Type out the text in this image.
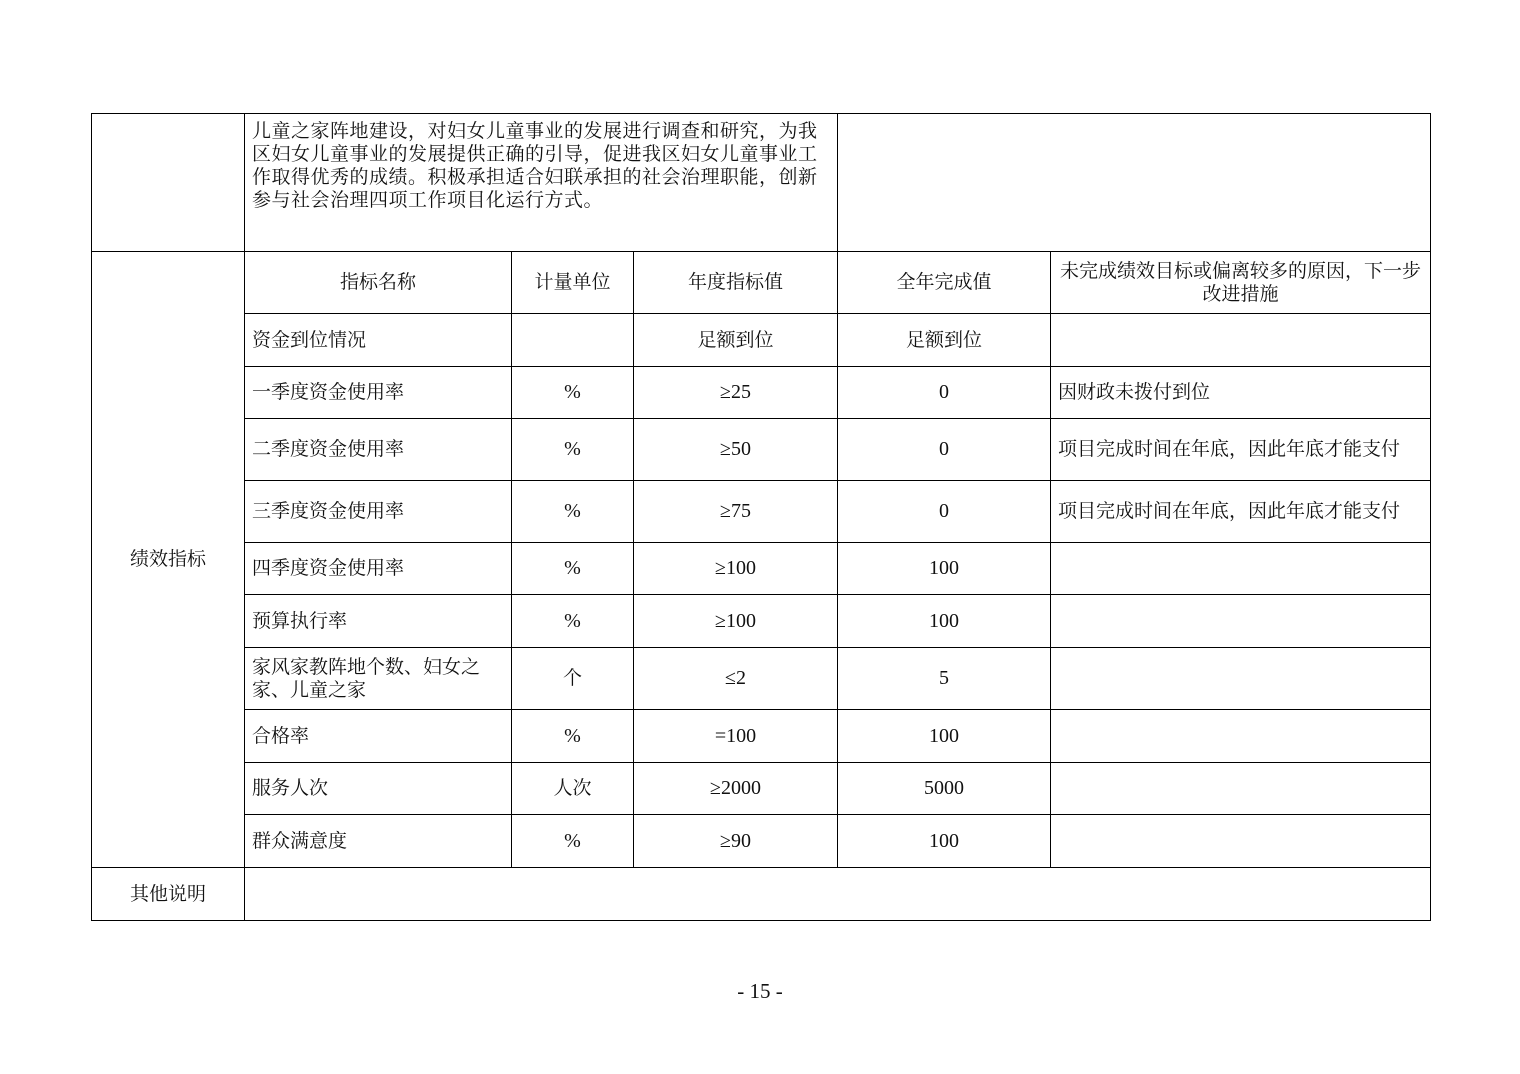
	儿童之家阵地建设，对妇女儿童事业的发展进行调查和研究，为我区妇女儿童事业的发展提供正确的引导，促进我区妇女儿童事业工作取得优秀的成绩。积极承担适合妇联承担的社会治理职能，创新参与社会治理四项工作项目化运行方式。				
绩效指标	指标名称	计量单位	年度指标值	全年完成值	未完成绩效目标或偏离较多的原因，下一步改进措施
	资金到位情况		足额到位	足额到位	
	一季度资金使用率	%	≥25	0	因财政未拨付到位
	二季度资金使用率	%	≥50	0	项目完成时间在年底，因此年底才能支付
	三季度资金使用率	%	≥75	0	项目完成时间在年底，因此年底才能支付
	四季度资金使用率	%	≥100	100	
	预算执行率	%	≥100	100	
	家风家教阵地个数、妇女之家、儿童之家	个	≤2	5	
	合格率	%	=100	100	
	服务人次	人次	≥2000	5000	
	群众满意度	%	≥90	100	
其他说明					
- 15 -
